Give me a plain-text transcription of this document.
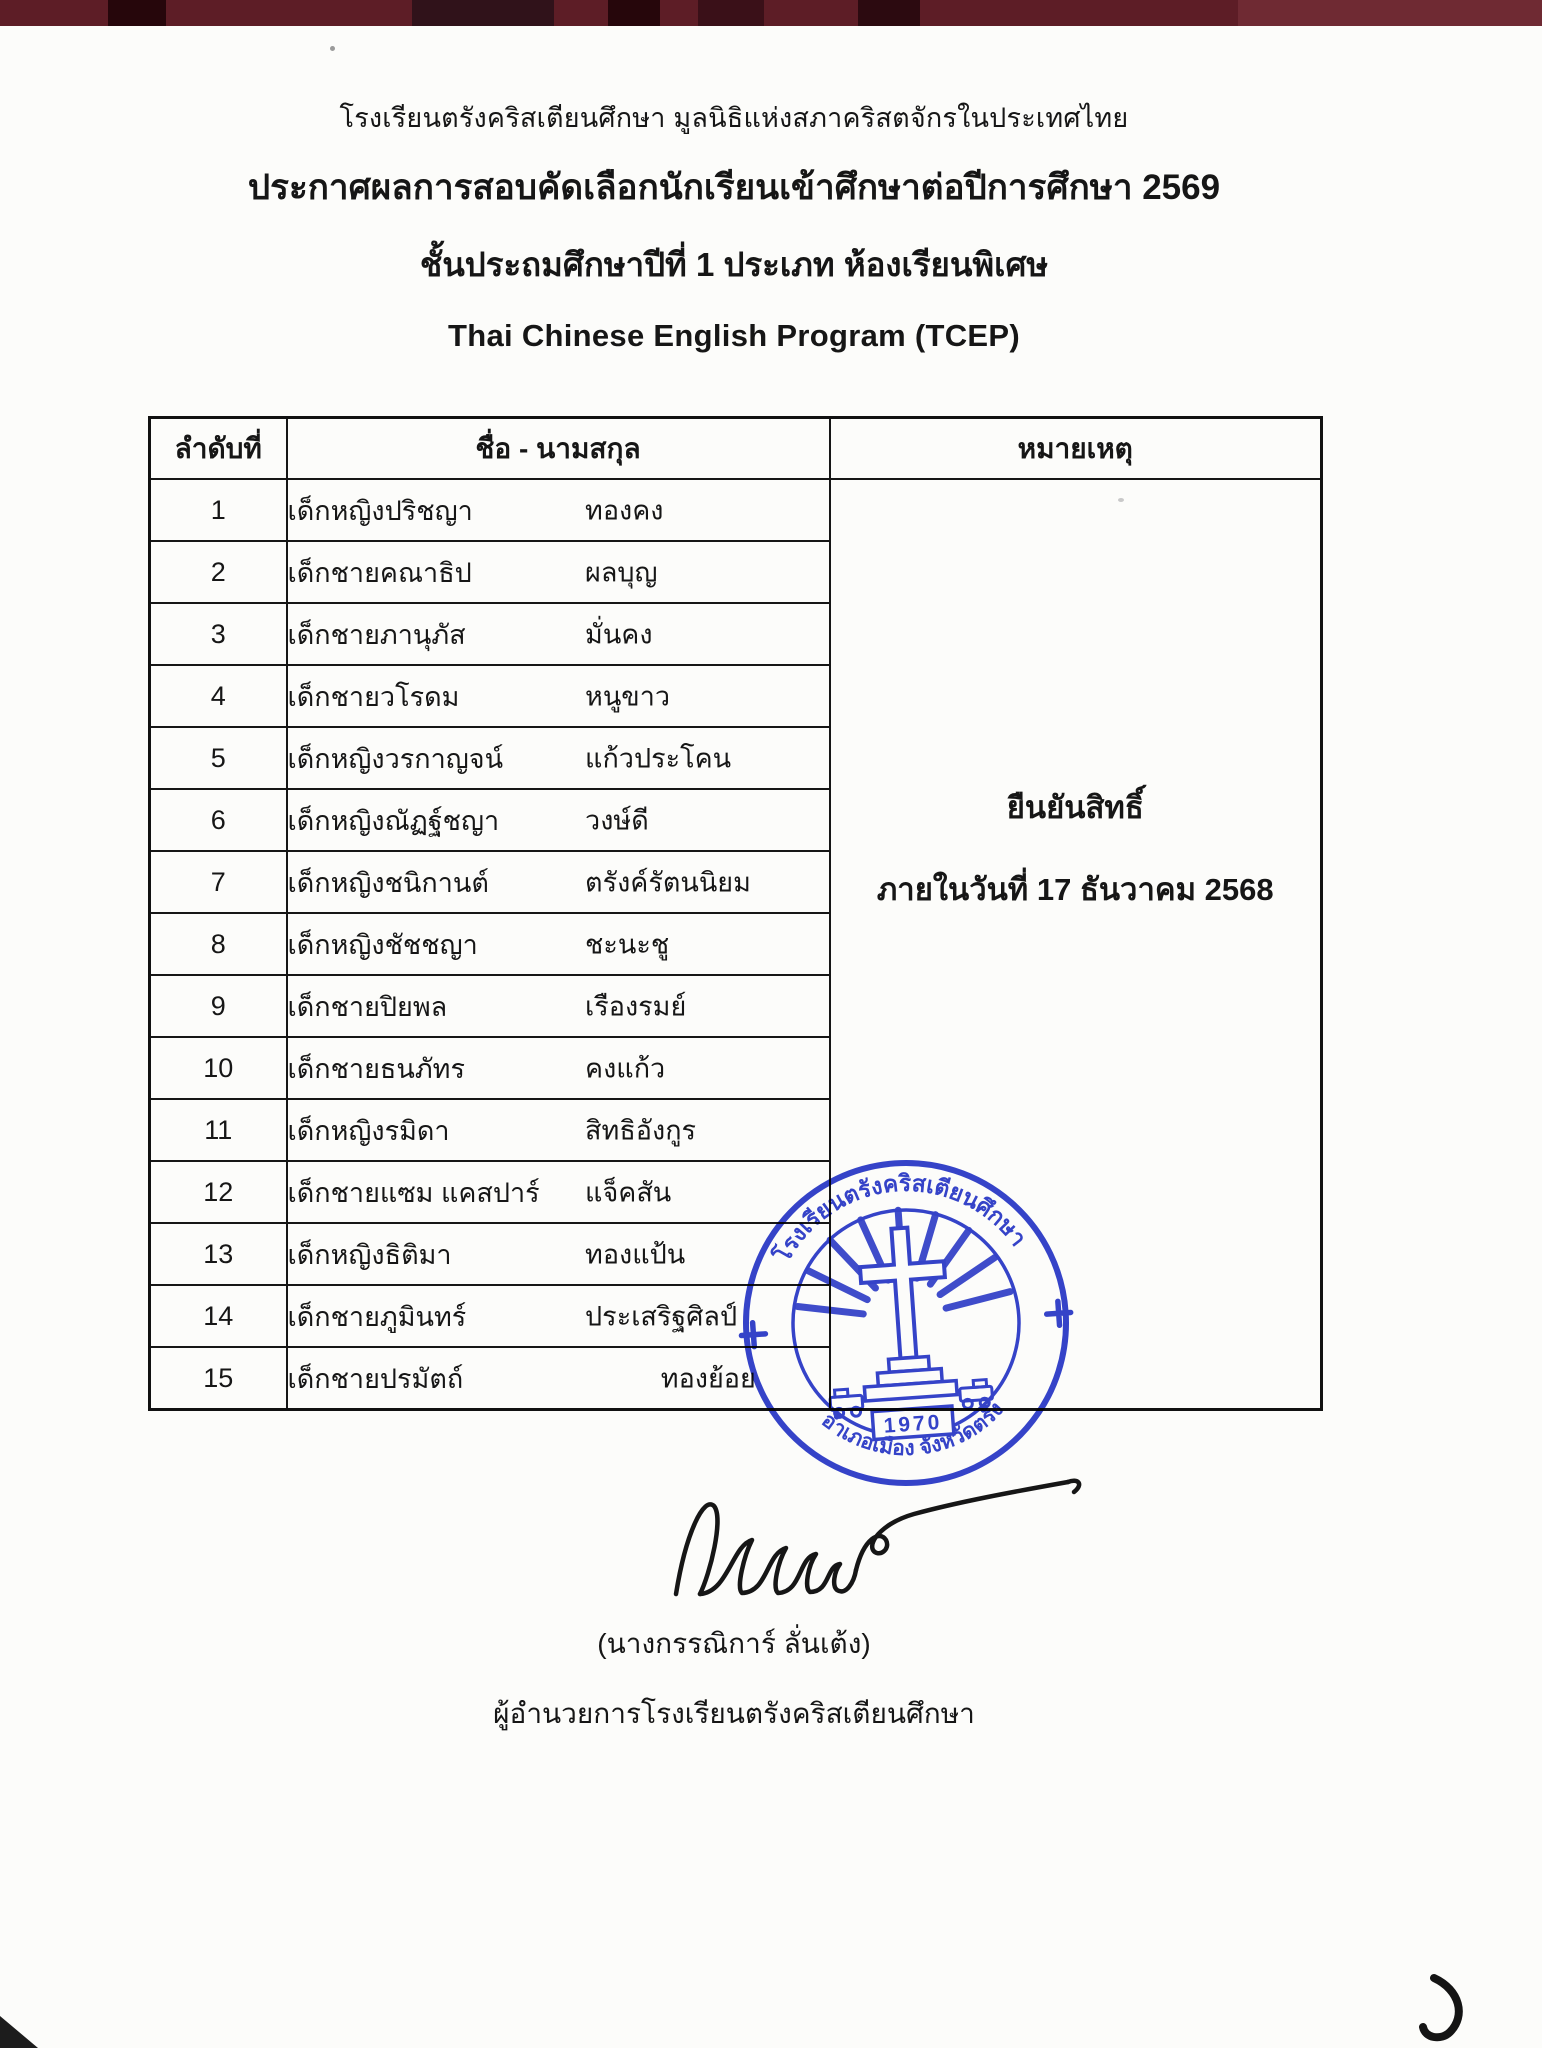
โรงเรียนตรังคริสเตียนศึกษา มูลนิธิแห่งสภาคริสตจักรในประเทศไทย
ประกาศผลการสอบคัดเลือกนักเรียนเข้าศึกษาต่อปีการศึกษา 2569
ชั้นประถมศึกษาปีที่ 1 ประเภท ห้องเรียนพิเศษ
Thai Chinese English Program (TCEP)
ลำดับที่	ชื่อ - นามสกุล	หมายเหตุ
1	เด็กหญิงปริชญา	ทองคง

ยืนยันสิทธิ์
ภายในวันที่ 17 ธันวาคม 2568

2	เด็กชายคณาธิป ผลบุญ	

3	เด็กชายภานุภัส มั่นคง	

4	เด็กชายวโรดม หนูขาว	

5	เด็กหญิงวรกาญจน์ แก้วประโคน	

6	เด็กหญิงณัฏฐ์ชญา วงษ์ดี	

7	เด็กหญิงชนิกานต์ ตรังค์รัตนนิยม	

8	เด็กหญิงชัชชญา ชะนะชู	

9	เด็กชายปิยพล เรืองรมย์	

10	เด็กชายธนภัทร คงแก้ว	

11	เด็กหญิงรมิดา สิทธิอังกูร	

12	เด็กชายแซม แคสปาร์ แจ็คสัน	

13	เด็กหญิงธิติมา ทองแป้น	

14	เด็กชายภูมินทร์ ประเสริฐศิลป์	

15	เด็กชายปรมัตถ์ ทองย้อย	
1970
โรงเรียนตรังคริสเตียนศึกษา
อำเภอเมือง จังหวัดตรัง
(นางกรรณิการ์ ลั่นเต้ง)
ผู้อำนวยการโรงเรียนตรังคริสเตียนศึกษา
